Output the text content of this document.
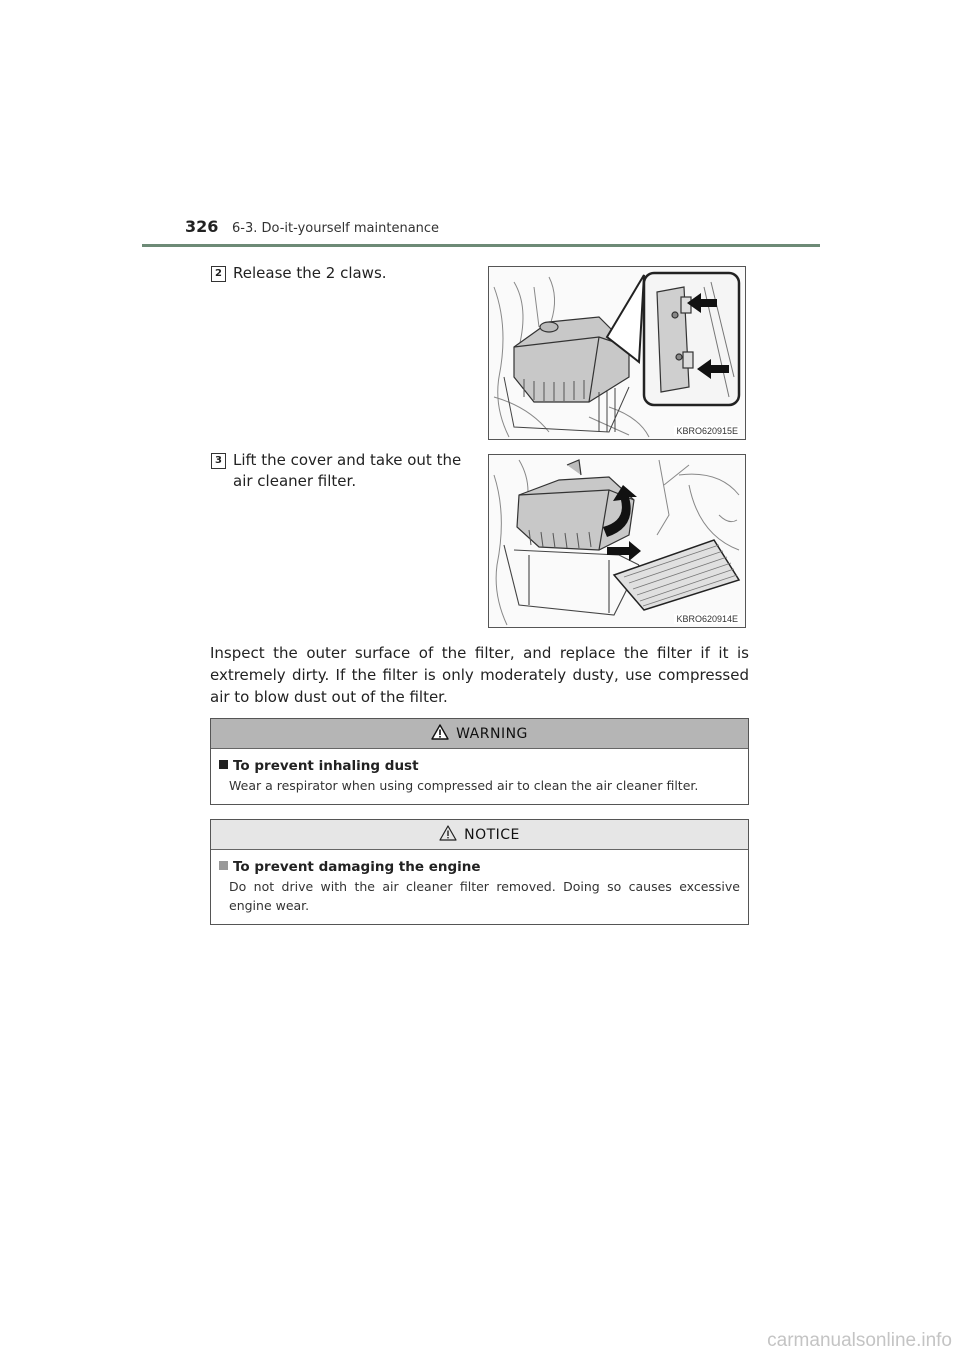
326 6-3. Do-it-yourself maintenance
2 Release the 2 claws.
KBRO620915E
3 Lift the cover and take out the air cleaner filter.
KBRO620914E

Inspect the outer surface of the filter, and replace the filter if it is extremely dirty. If the filter is only moderately dusty, use compressed air to blow dust out of the filter.

WARNING
To prevent inhaling dust
Wear a respirator when using compressed air to clean the air cleaner filter.
NOTICE
To prevent damaging the engine
Do not drive with the air cleaner filter removed. Doing so causes excessive engine wear.
carmanualsonline.info
